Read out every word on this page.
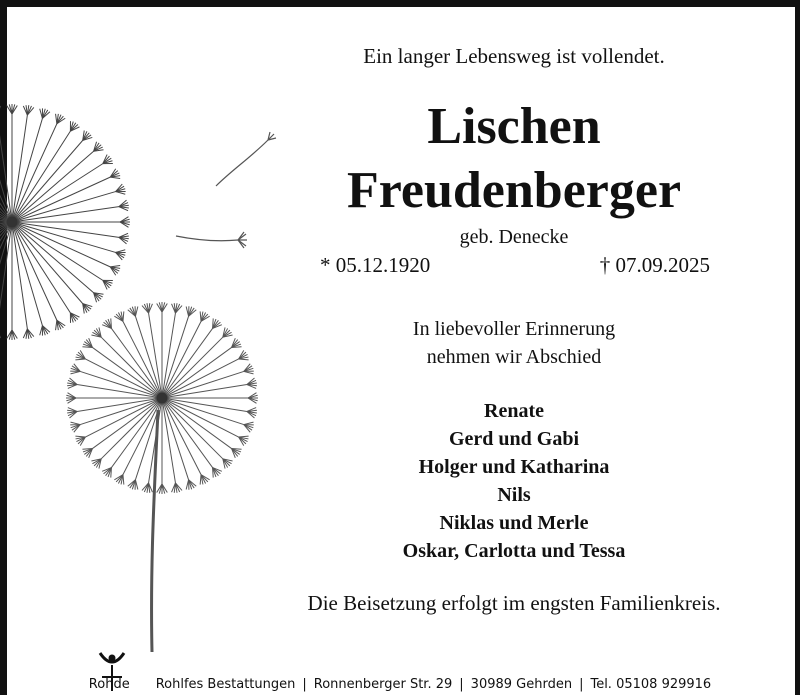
Ein langer Lebensweg ist vollendet.
Lischen
Freudenberger
geb. Denecke
* 05.12.1920	† 07.09.2025
In liebevoller Erinnerung
nehmen wir Abschied
Renate
Gerd und Gabi
Holger und Katharina
Nils
Niklas und Merle
Oskar, Carlotta und Tessa
Die Beisetzung erfolgt im engsten Familienkreis.
Rohde Rohlfes Bestattungen | Ronnenberger Str. 29 | 30989 Gehrden | Tel. 05108 929916
